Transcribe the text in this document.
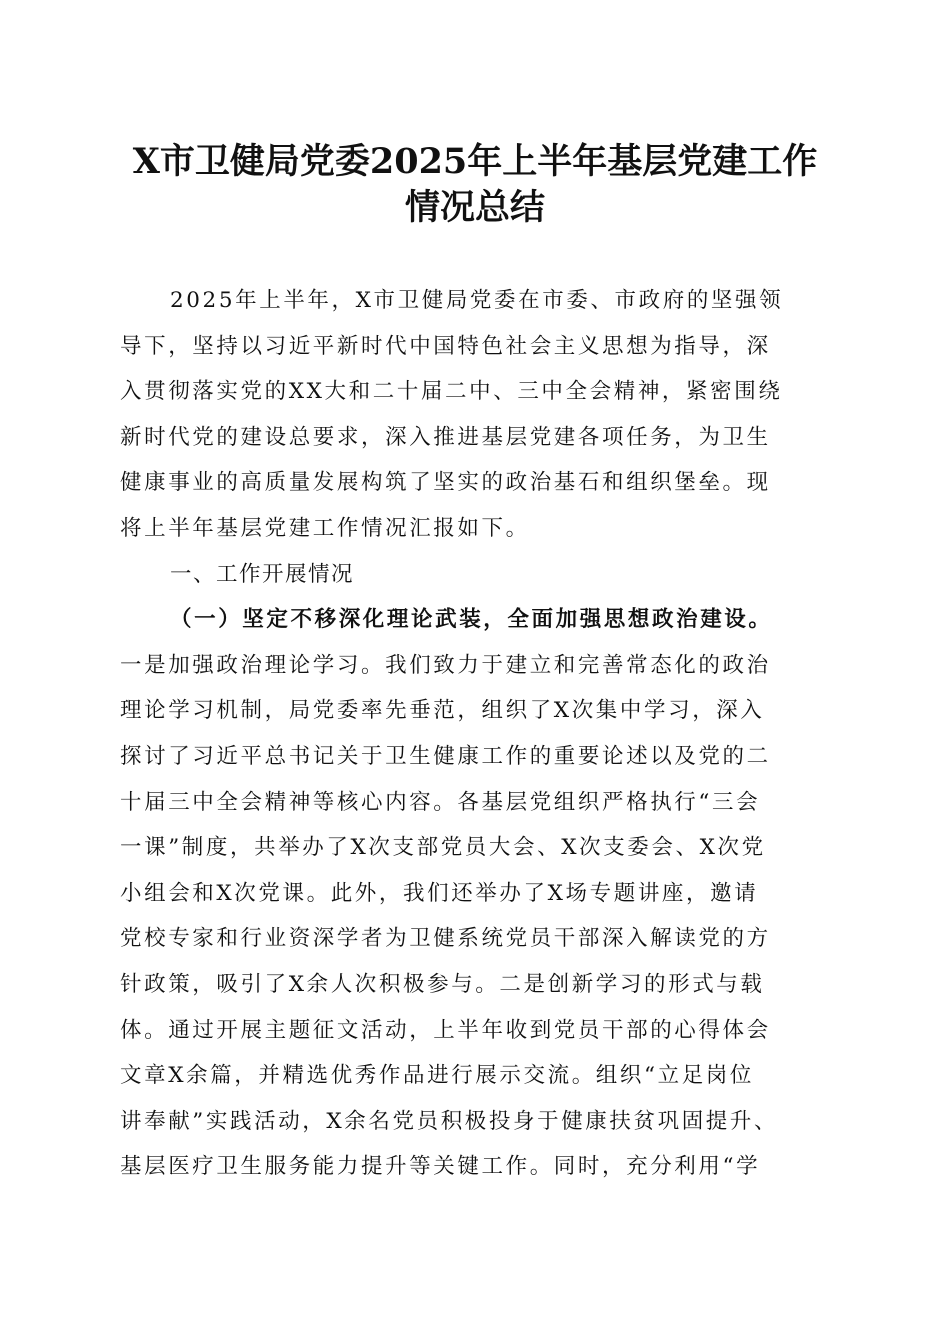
X市卫健局党委2025年上半年基层党建工作
情况总结
2025年上半年，X市卫健局党委在市委、市政府的坚强领
导下，坚持以习近平新时代中国特色社会主义思想为指导，深
入贯彻落实党的XX大和二十届二中、三中全会精神，紧密围绕
新时代党的建设总要求，深入推进基层党建各项任务，为卫生
健康事业的高质量发展构筑了坚实的政治基石和组织堡垒。现
将上半年基层党建工作情况汇报如下。
一、工作开展情况
（一）坚定不移深化理论武装，全面加强思想政治建设。
一是加强政治理论学习。我们致力于建立和完善常态化的政治
理论学习机制，局党委率先垂范，组织了X次集中学习，深入
探讨了习近平总书记关于卫生健康工作的重要论述以及党的二
十届三中全会精神等核心内容。各基层党组织严格执行“三会
一课”制度，共举办了X次支部党员大会、X次支委会、X次党
小组会和X次党课。此外，我们还举办了X场专题讲座，邀请
党校专家和行业资深学者为卫健系统党员干部深入解读党的方
针政策，吸引了X余人次积极参与。二是创新学习的形式与载
体。通过开展主题征文活动，上半年收到党员干部的心得体会
文章X余篇，并精选优秀作品进行展示交流。组织“立足岗位
讲奉献”实践活动，X余名党员积极投身于健康扶贫巩固提升、
基层医疗卫生服务能力提升等关键工作。同时，充分利用“学
